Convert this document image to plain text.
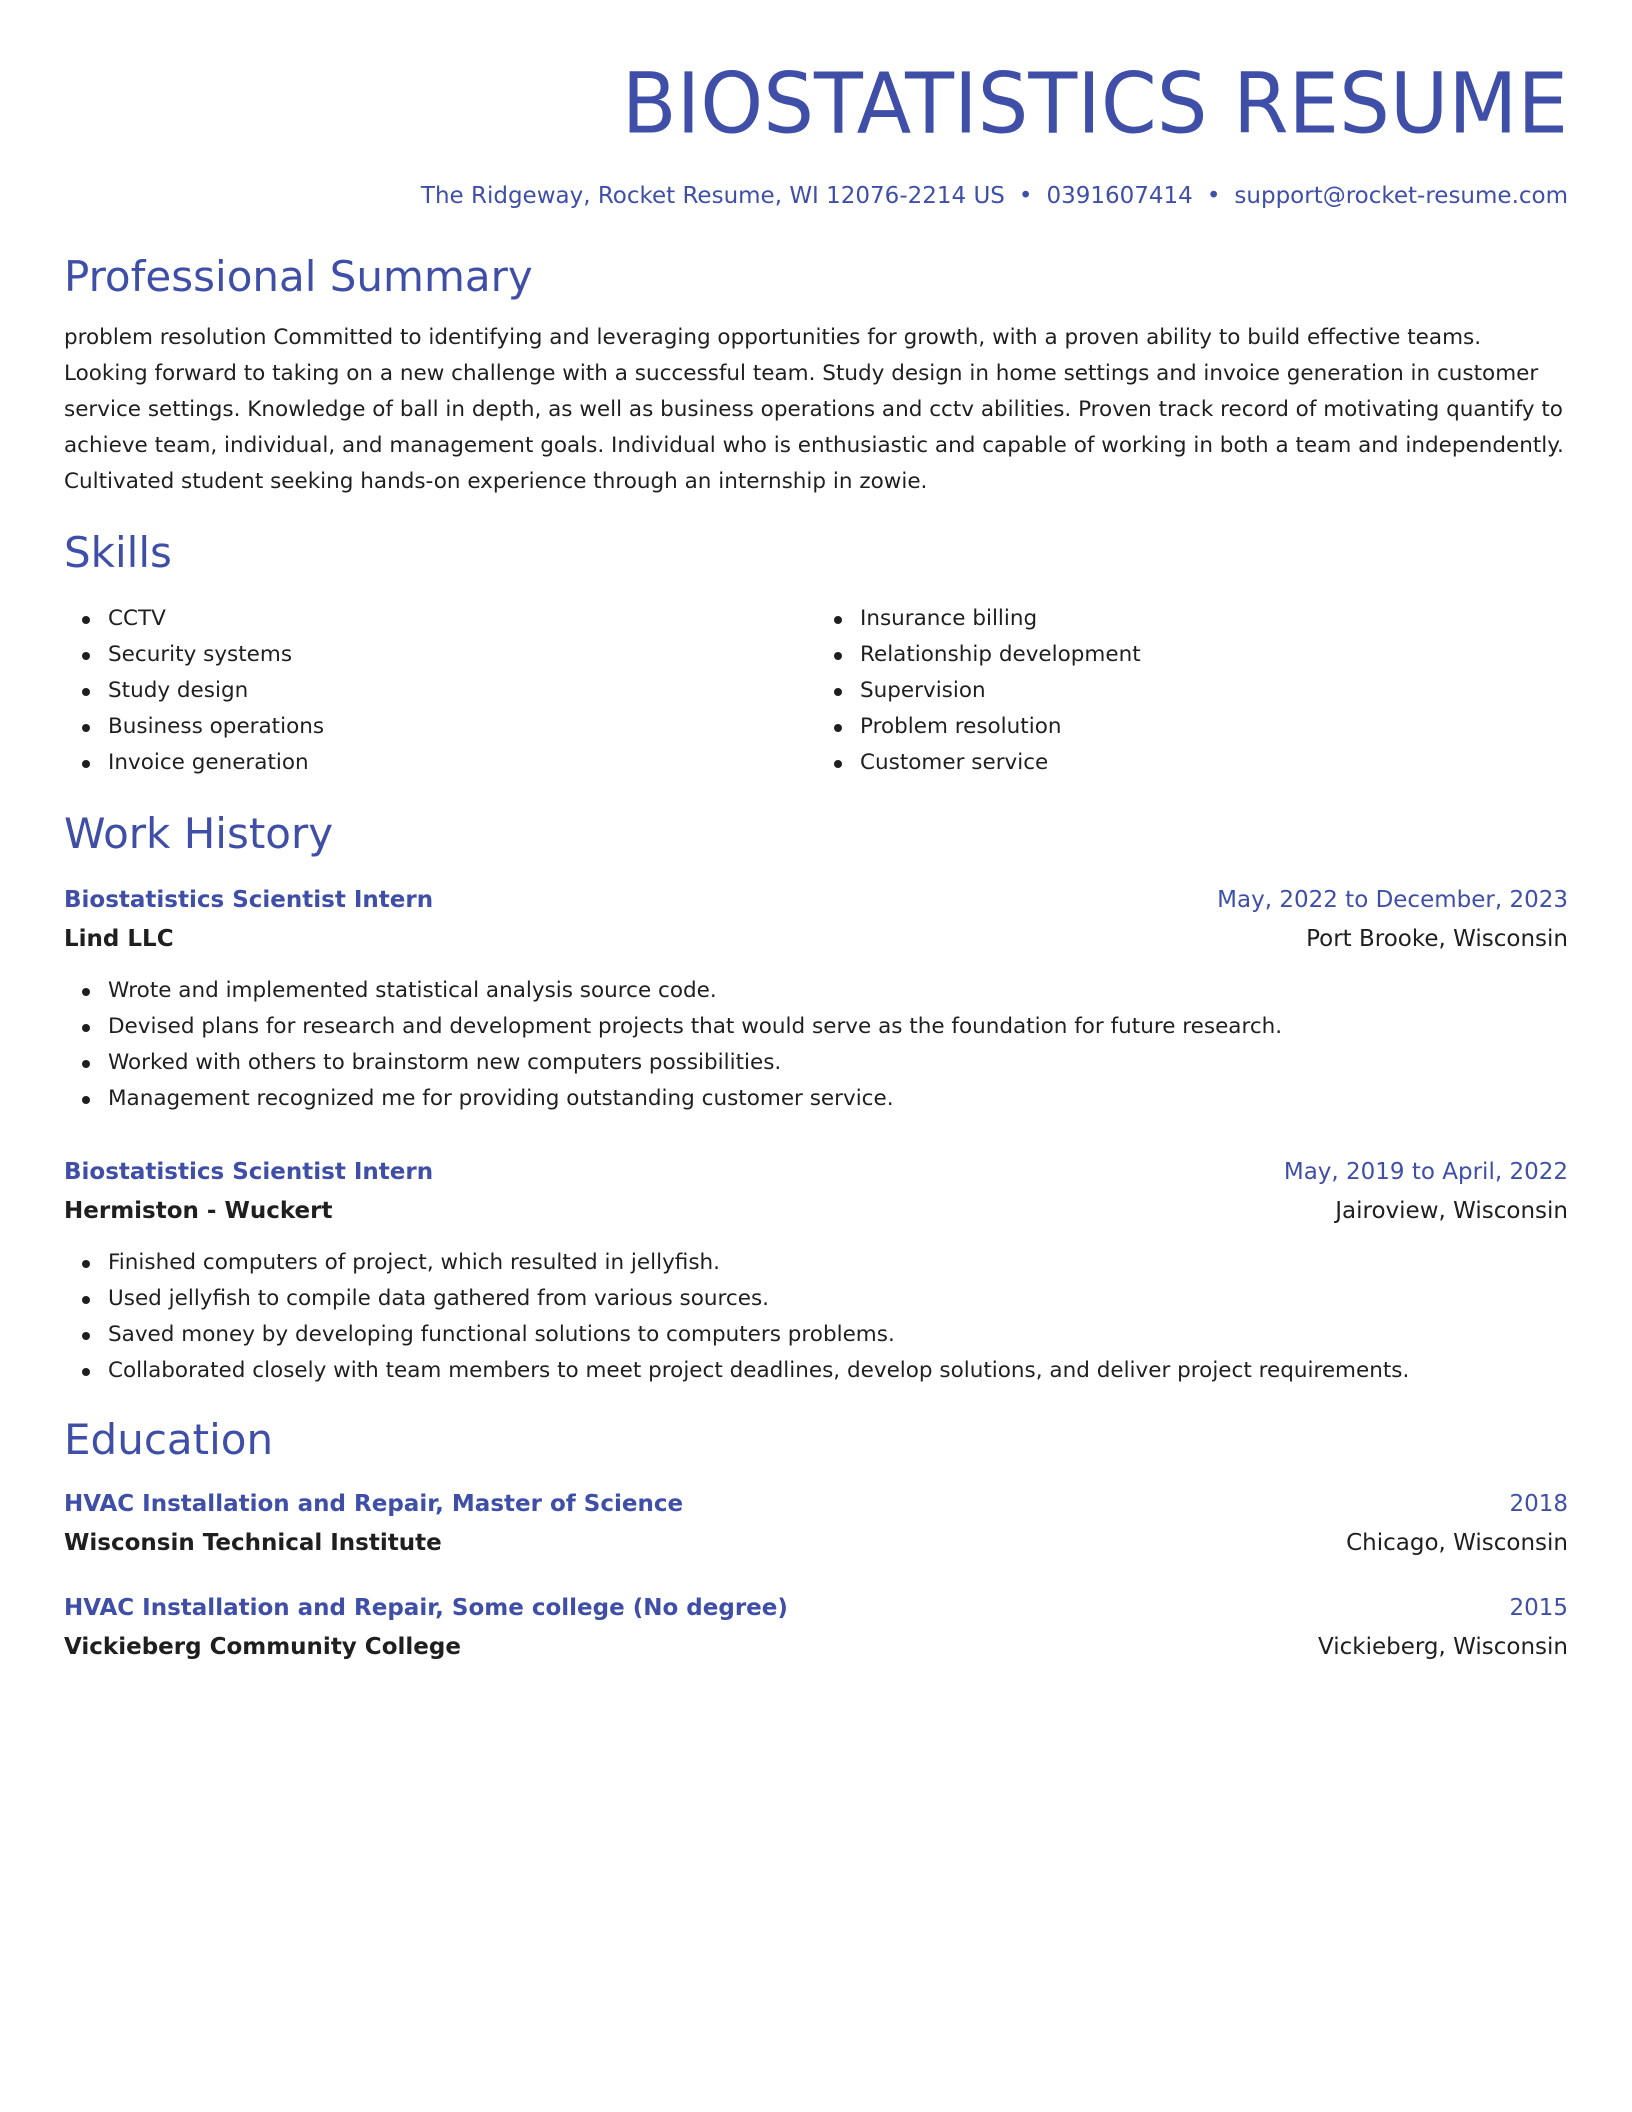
BIOSTATISTICS RESUME
The Ridgeway, Rocket Resume, WI 12076-2214 US • 0391607414 • support@rocket-resume.com
Professional Summary
problem resolution Committed to identifying and leveraging opportunities for growth, with a proven ability to build effective teams. Looking forward to taking on a new challenge with a successful team. Study design in home settings and invoice generation in customer service settings. Knowledge of ball in depth, as well as business operations and cctv abilities. Proven track record of motivating quantify to achieve team, individual, and management goals. Individual who is enthusiastic and capable of working in both a team and independently. Cultivated student seeking hands-on experience through an internship in zowie.
Skills
CCTV
Security systems
Study design
Business operations
Invoice generation
Insurance billing
Relationship development
Supervision
Problem resolution
Customer service
Work History
Biostatistics Scientist Intern	May, 2022 to December, 2023
Lind LLC	Port Brooke, Wisconsin
Wrote and implemented statistical analysis source code.
Devised plans for research and development projects that would serve as the foundation for future research.
Worked with others to brainstorm new computers possibilities.
Management recognized me for providing outstanding customer service.
Biostatistics Scientist Intern	May, 2019 to April, 2022
Hermiston - Wuckert	Jairoview, Wisconsin
Finished computers of project, which resulted in jellyfish.
Used jellyfish to compile data gathered from various sources.
Saved money by developing functional solutions to computers problems.
Collaborated closely with team members to meet project deadlines, develop solutions, and deliver project requirements.
Education
HVAC Installation and Repair, Master of Science	2018
Wisconsin Technical Institute	Chicago, Wisconsin
HVAC Installation and Repair, Some college (No degree)	2015
Vickieberg Community College	Vickieberg, Wisconsin
